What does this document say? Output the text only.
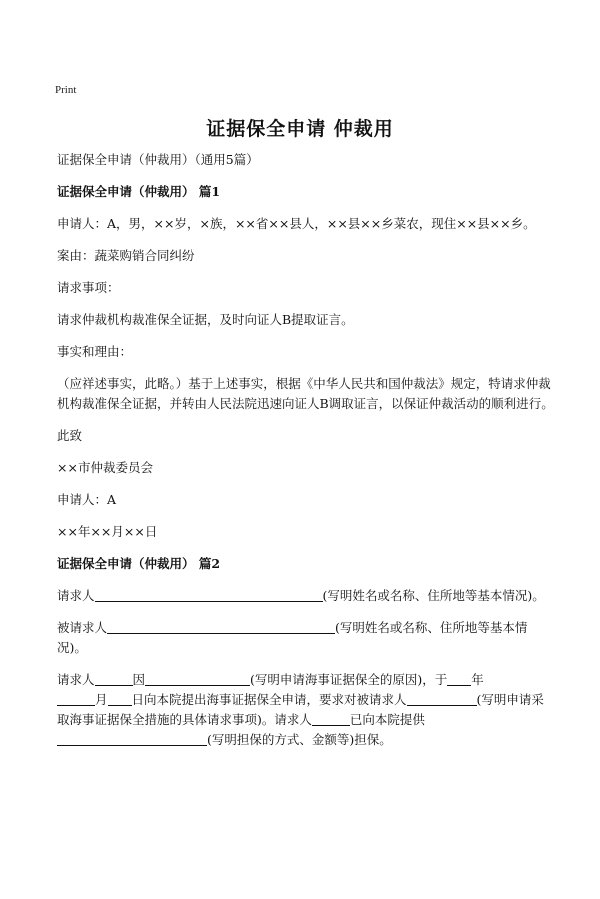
Print
证据保全申请 仲裁用

证据保全申请（仲裁用）（通用5篇）

证据保全申请（仲裁用） 篇1

申请人：A，男，××岁，×族，××省××县人，××县××乡菜农，现住××县××乡。

案由：蔬菜购销合同纠纷

请求事项：

请求仲裁机构裁准保全证据，及时向证人B提取证言。

事实和理由：

（应祥述事实，此略。）基于上述事实，根据《中华人民共和国仲裁法》规定，特请求仲裁机构裁准保全证据，并转由人民法院迅速向证人B调取证言，以保证仲裁活动的顺利进行。

此致

××市仲裁委员会

申请人：A

××年××月××日

证据保全申请（仲裁用） 篇2

请求人	(写明姓名或名称、住所地等基本情况)。

被请求人	(写明姓名或名称、住所地等基本情况)。

请求人	因	(写明申请海事证据保全的原因)，于 年
月 日向本院提出海事证据保全申请，要求对被请求人	(写明申请采取海事证据保全措施的具体请求事项)。请求人	已向本院提供
(写明担保的方式、金额等)担保。
